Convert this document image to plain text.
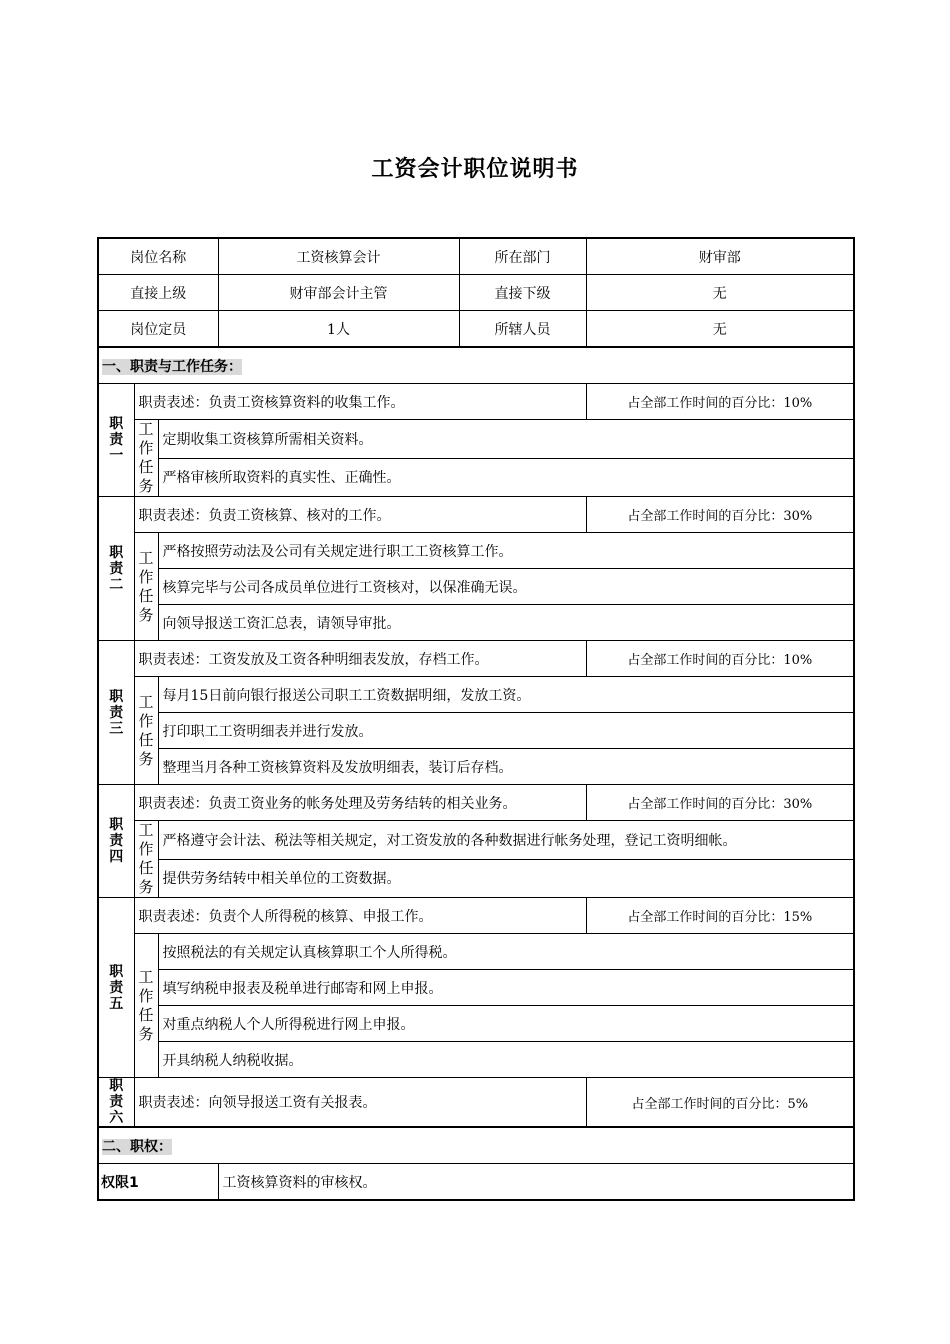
工资会计职位说明书
岗位名称			工资核算会计	所在部门	财审部
直接上级			财审部会计主管	直接下级	无
岗位定员			1人	所辖人员	无
一、职责与工作任务：					

职
责
一	职责表述：负责工资核算资料的收集工作。				占全部工作时间的百分比：10%

	工
作
任
务	定期收集工资核算所需相关资料。			
		严格审核所取资料的真实性、正确性。			

职
责
二	职责表述：负责工资核算、核对的工作。				占全部工作时间的百分比：30%

	工
作
任
务	严格按照劳动法及公司有关规定进行职工工资核算工作。			
		核算完毕与公司各成员单位进行工资核对，以保准确无误。			
		向领导报送工资汇总表，请领导审批。			

职
责
三	职责表述：工资发放及工资各种明细表发放，存档工作。				占全部工作时间的百分比：10%

	工
作
任
务	每月15日前向银行报送公司职工工资数据明细，发放工资。			
		打印职工工资明细表并进行发放。			
		整理当月各种工资核算资料及发放明细表，装订后存档。			

职
责
四	职责表述：负责工资业务的帐务处理及劳务结转的相关业务。				占全部工作时间的百分比：30%

	工
作
任
务	严格遵守会计法、税法等相关规定，对工资发放的各种数据进行帐务处理，登记工资明细帐。			
		提供劳务结转中相关单位的工资数据。			

职
责
五	职责表述：负责个人所得税的核算、申报工作。				占全部工作时间的百分比：15%

	工
作
任
务	按照税法的有关规定认真核算职工个人所得税。			
		填写纳税申报表及税单进行邮寄和网上申报。			
		对重点纳税人个人所得税进行网上申报。			
		开具纳税人纳税收据。			

职
责
六	职责表述：向领导报送工资有关报表。				占全部工作时间的百分比：5%
二、职权：					
权限1			工资核算资料的审核权。		
